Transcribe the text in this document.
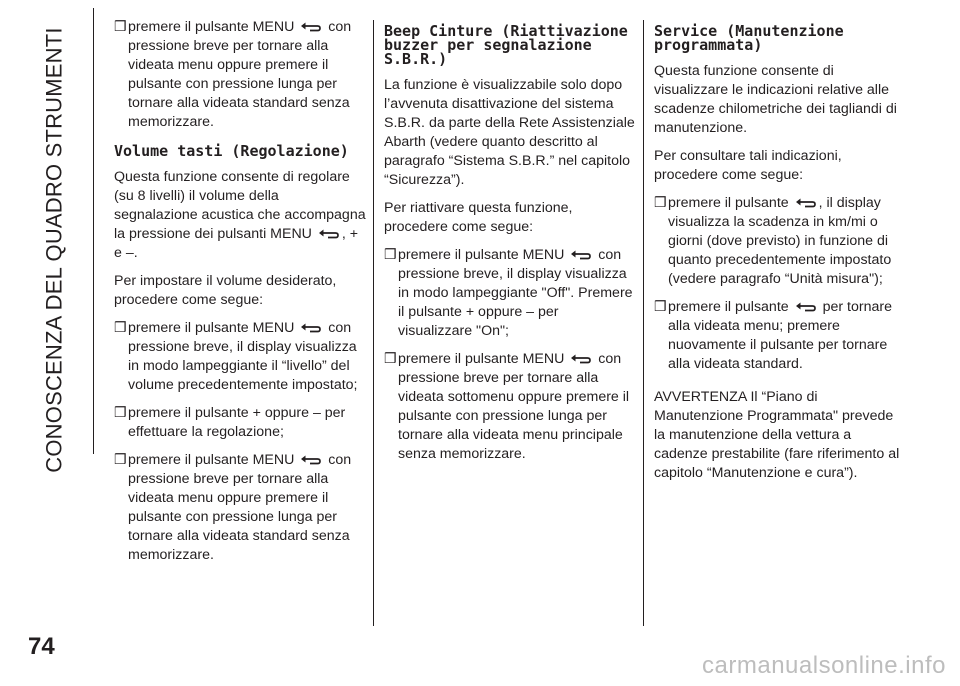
CONOSCENZA DEL QUADRO STRUMENTI
❒ premere il pulsante MENU con pressione breve per tornare alla videata menu oppure premere il pulsante con pressione lunga per tornare alla videata standard senza memorizzare.
Volume tasti (Regolazione)

Questa funzione consente di regolare (su 8 livelli) il volume della segnalazione acustica che accompagna la pressione dei pulsanti MENU , + e –.

Per impostare il volume desiderato, procedere come segue:

❒ premere il pulsante MENU con pressione breve, il display visualizza in modo lampeggiante il “livello” del volume precedentemente impostato;
❒ premere il pulsante + oppure – per effettuare la regolazione;
❒ premere il pulsante MENU con pressione breve per tornare alla videata menu oppure premere il pulsante con pressione lunga per tornare alla videata standard senza memorizzare.
Beep Cinture (Riattivazione buzzer per segnalazione S.B.R.)

La funzione è visualizzabile solo dopo l’avvenuta disattivazione del sistema S.B.R. da parte della Rete Assistenziale Abarth (vedere quanto descritto al paragrafo “Sistema S.B.R.” nel capitolo “Sicurezza”).

Per riattivare questa funzione, procedere come segue:

❒ premere il pulsante MENU con pressione breve, il display visualizza in modo lampeggiante "Off". Premere il pulsante + oppure – per visualizzare "On";
❒ premere il pulsante MENU con pressione breve per tornare alla videata sottomenu oppure premere il pulsante con pressione lunga per tornare alla videata menu principale senza memorizzare.
Service (Manutenzione programmata)

Questa funzione consente di visualizzare le indicazioni relative alle scadenze chilometriche dei tagliandi di manutenzione.

Per consultare tali indicazioni, procedere come segue:

❒ premere il pulsante , il display visualizza la scadenza in km/mi o giorni (dove previsto) in funzione di quanto precedentemente impostato (vedere paragrafo “Unità misura");
❒ premere il pulsante per tornare alla videata menu; premere nuovamente il pulsante per tornare alla videata standard.

AVVERTENZA Il “Piano di Manutenzione Programmata" prevede la manutenzione della vettura a cadenze prestabilite (fare riferimento al capitolo “Manutenzione e cura”).

74
carmanualsonline.info
